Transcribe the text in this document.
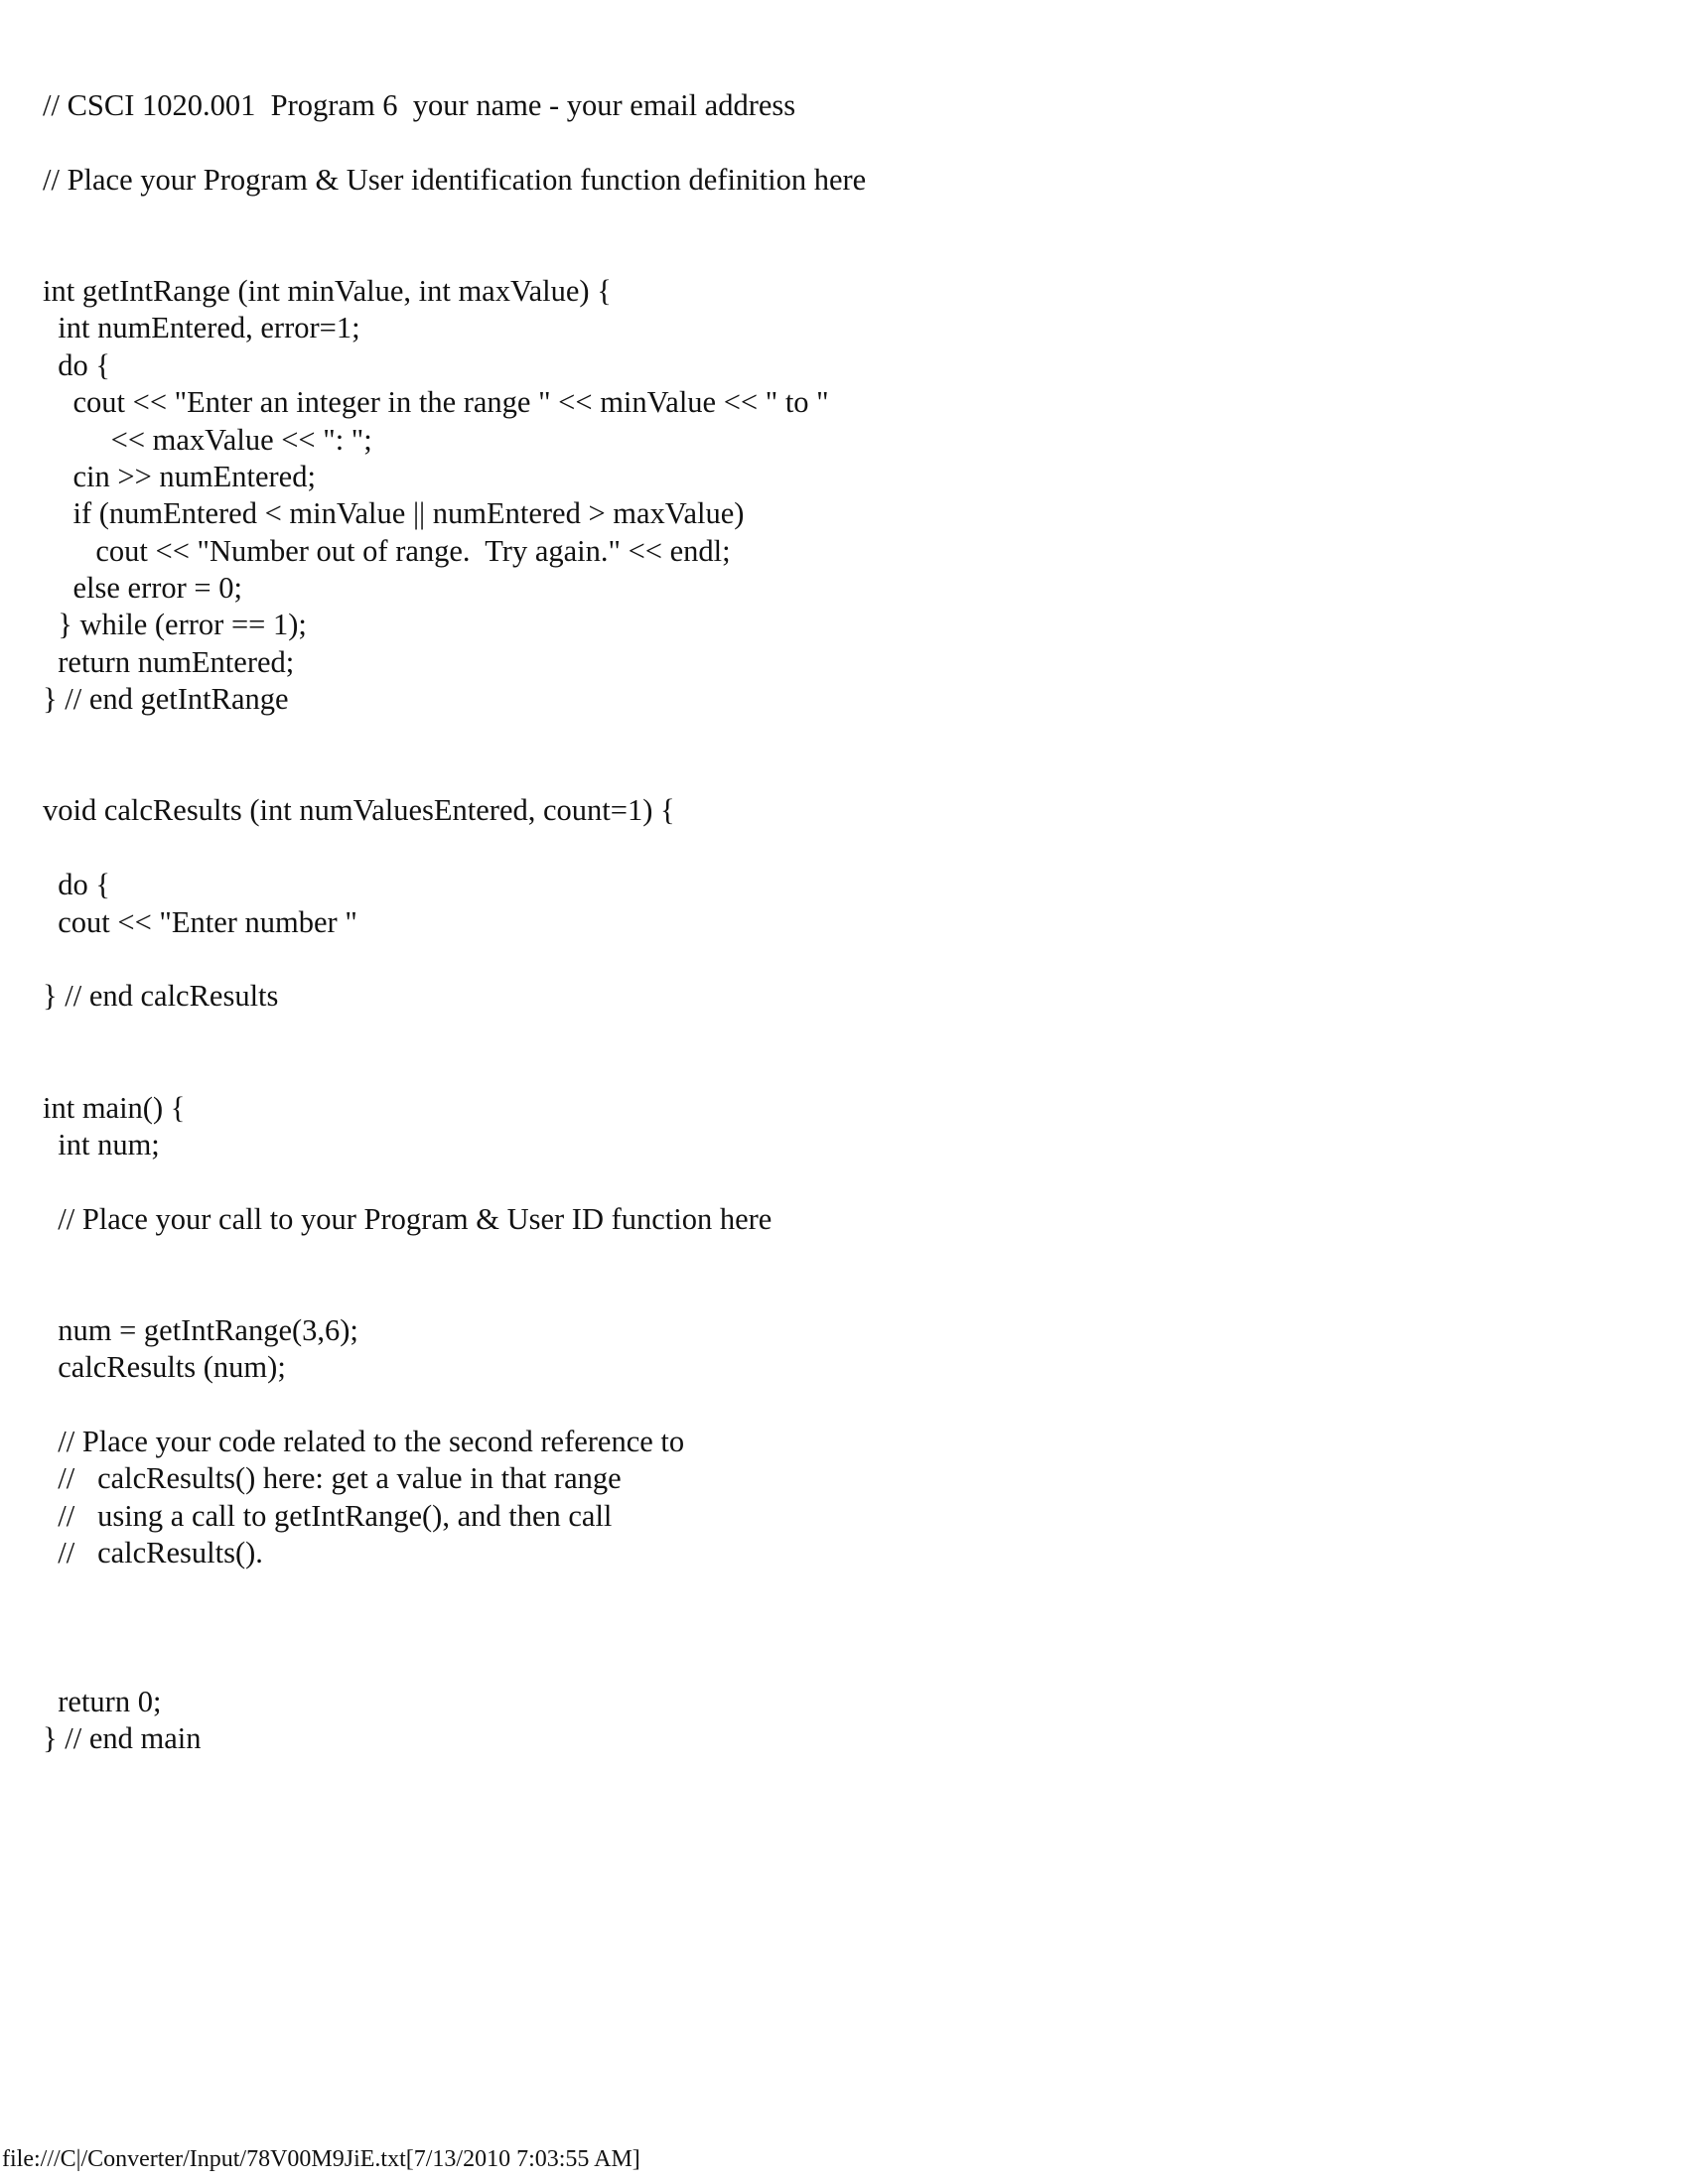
// CSCI 1020.001  Program 6  your name - your email address
// Place your Program & User identification function definition here
int getIntRange (int minValue, int maxValue) {
int numEntered, error=1;
do {
cout << "Enter an integer in the range " << minValue << " to "
<< maxValue << ": ";
cin >> numEntered;
if (numEntered < minValue || numEntered > maxValue)
cout << "Number out of range.  Try again." << endl;
else error = 0;
} while (error == 1);
return numEntered;
} // end getIntRange
void calcResults (int numValuesEntered, count=1) {
do {
cout << "Enter number "
} // end calcResults
int main() {
int num;
// Place your call to your Program & User ID function here
num = getIntRange(3,6);
calcResults (num);
// Place your code related to the second reference to
//   calcResults() here: get a value in that range
//   using a call to getIntRange(), and then call
//   calcResults().
return 0;
} // end main
file:///C|/Converter/Input/78V00M9JiE.txt[7/13/2010 7:03:55 AM]
